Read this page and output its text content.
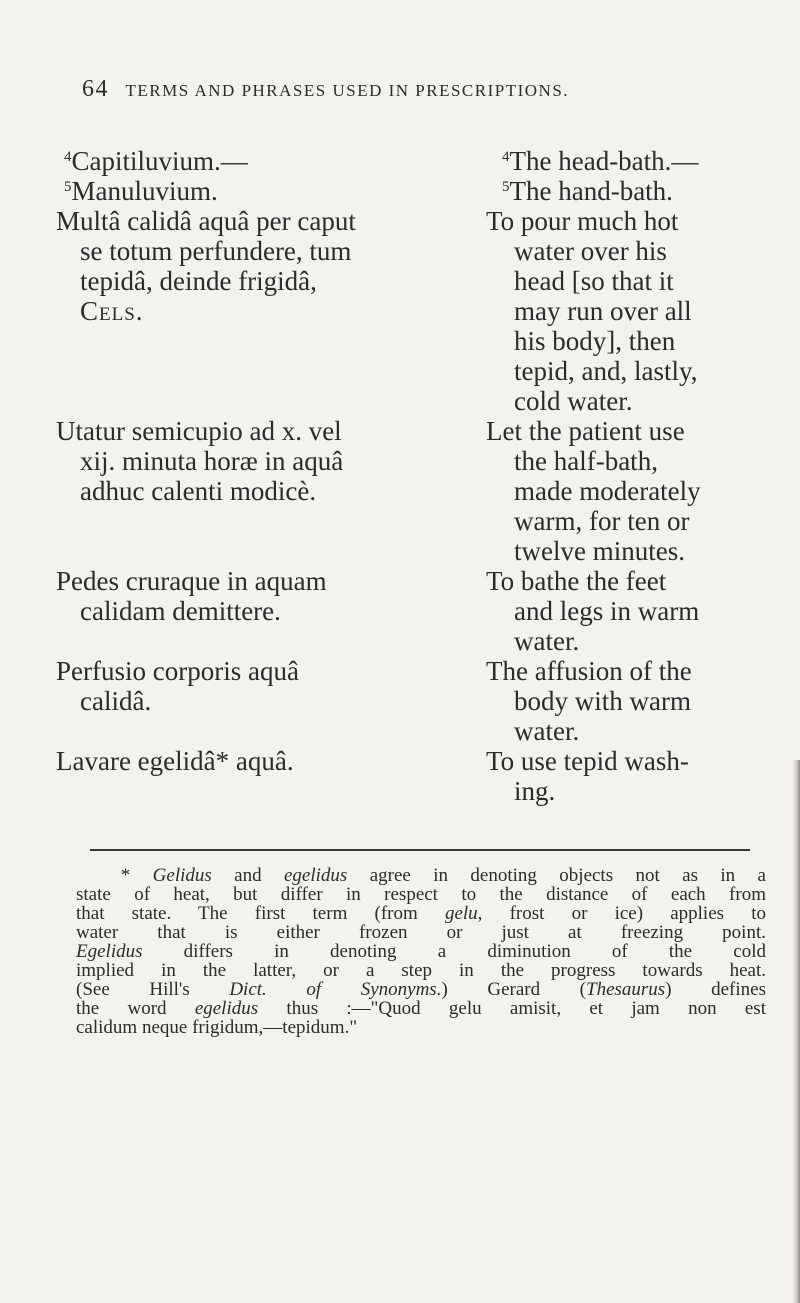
64 TERMS AND PHRASES USED IN PRESCRIPTIONS.
$^4$Capitiluvium.—
$^5$Manuluvium.
Multâ calidâ aquâ per caput
se totum perfundere, tum
tepidâ, deinde frigidâ,
Cels.
$^4$The head-bath.—
$^5$The hand-bath.
To pour much hot
water over his
head [so that it
may run over all
his body], then
tepid, and, lastly,
cold water.
Utatur semicupio ad x. vel
xij. minuta horæ in aquâ
adhuc calenti modicè.
Let the patient use
the half-bath,
made moderately
warm, for ten or
twelve minutes.
Pedes cruraque in aquam
calidam demittere.
To bathe the feet
and legs in warm
water.
Perfusio corporis aquâ
calidâ.
The affusion of the
body with warm
water.
Lavare egelidâ* aquâ.	To use tepid wash-
ing.
* Gelidus and egelidus agree in denoting objects not as in a
state of heat, but differ in respect to the distance of each from
that state. The first term (from gelu, frost or ice) applies to
water that is either frozen or just at freezing point.
Egelidus differs in denoting a diminution of the cold
implied in the latter, or a step in the progress towards heat.
(See Hill's Dict. of Synonyms.) Gerard (Thesaurus) defines
the word egelidus thus :—"Quod gelu amisit, et jam non est
calidum neque frigidum,—tepidum."
